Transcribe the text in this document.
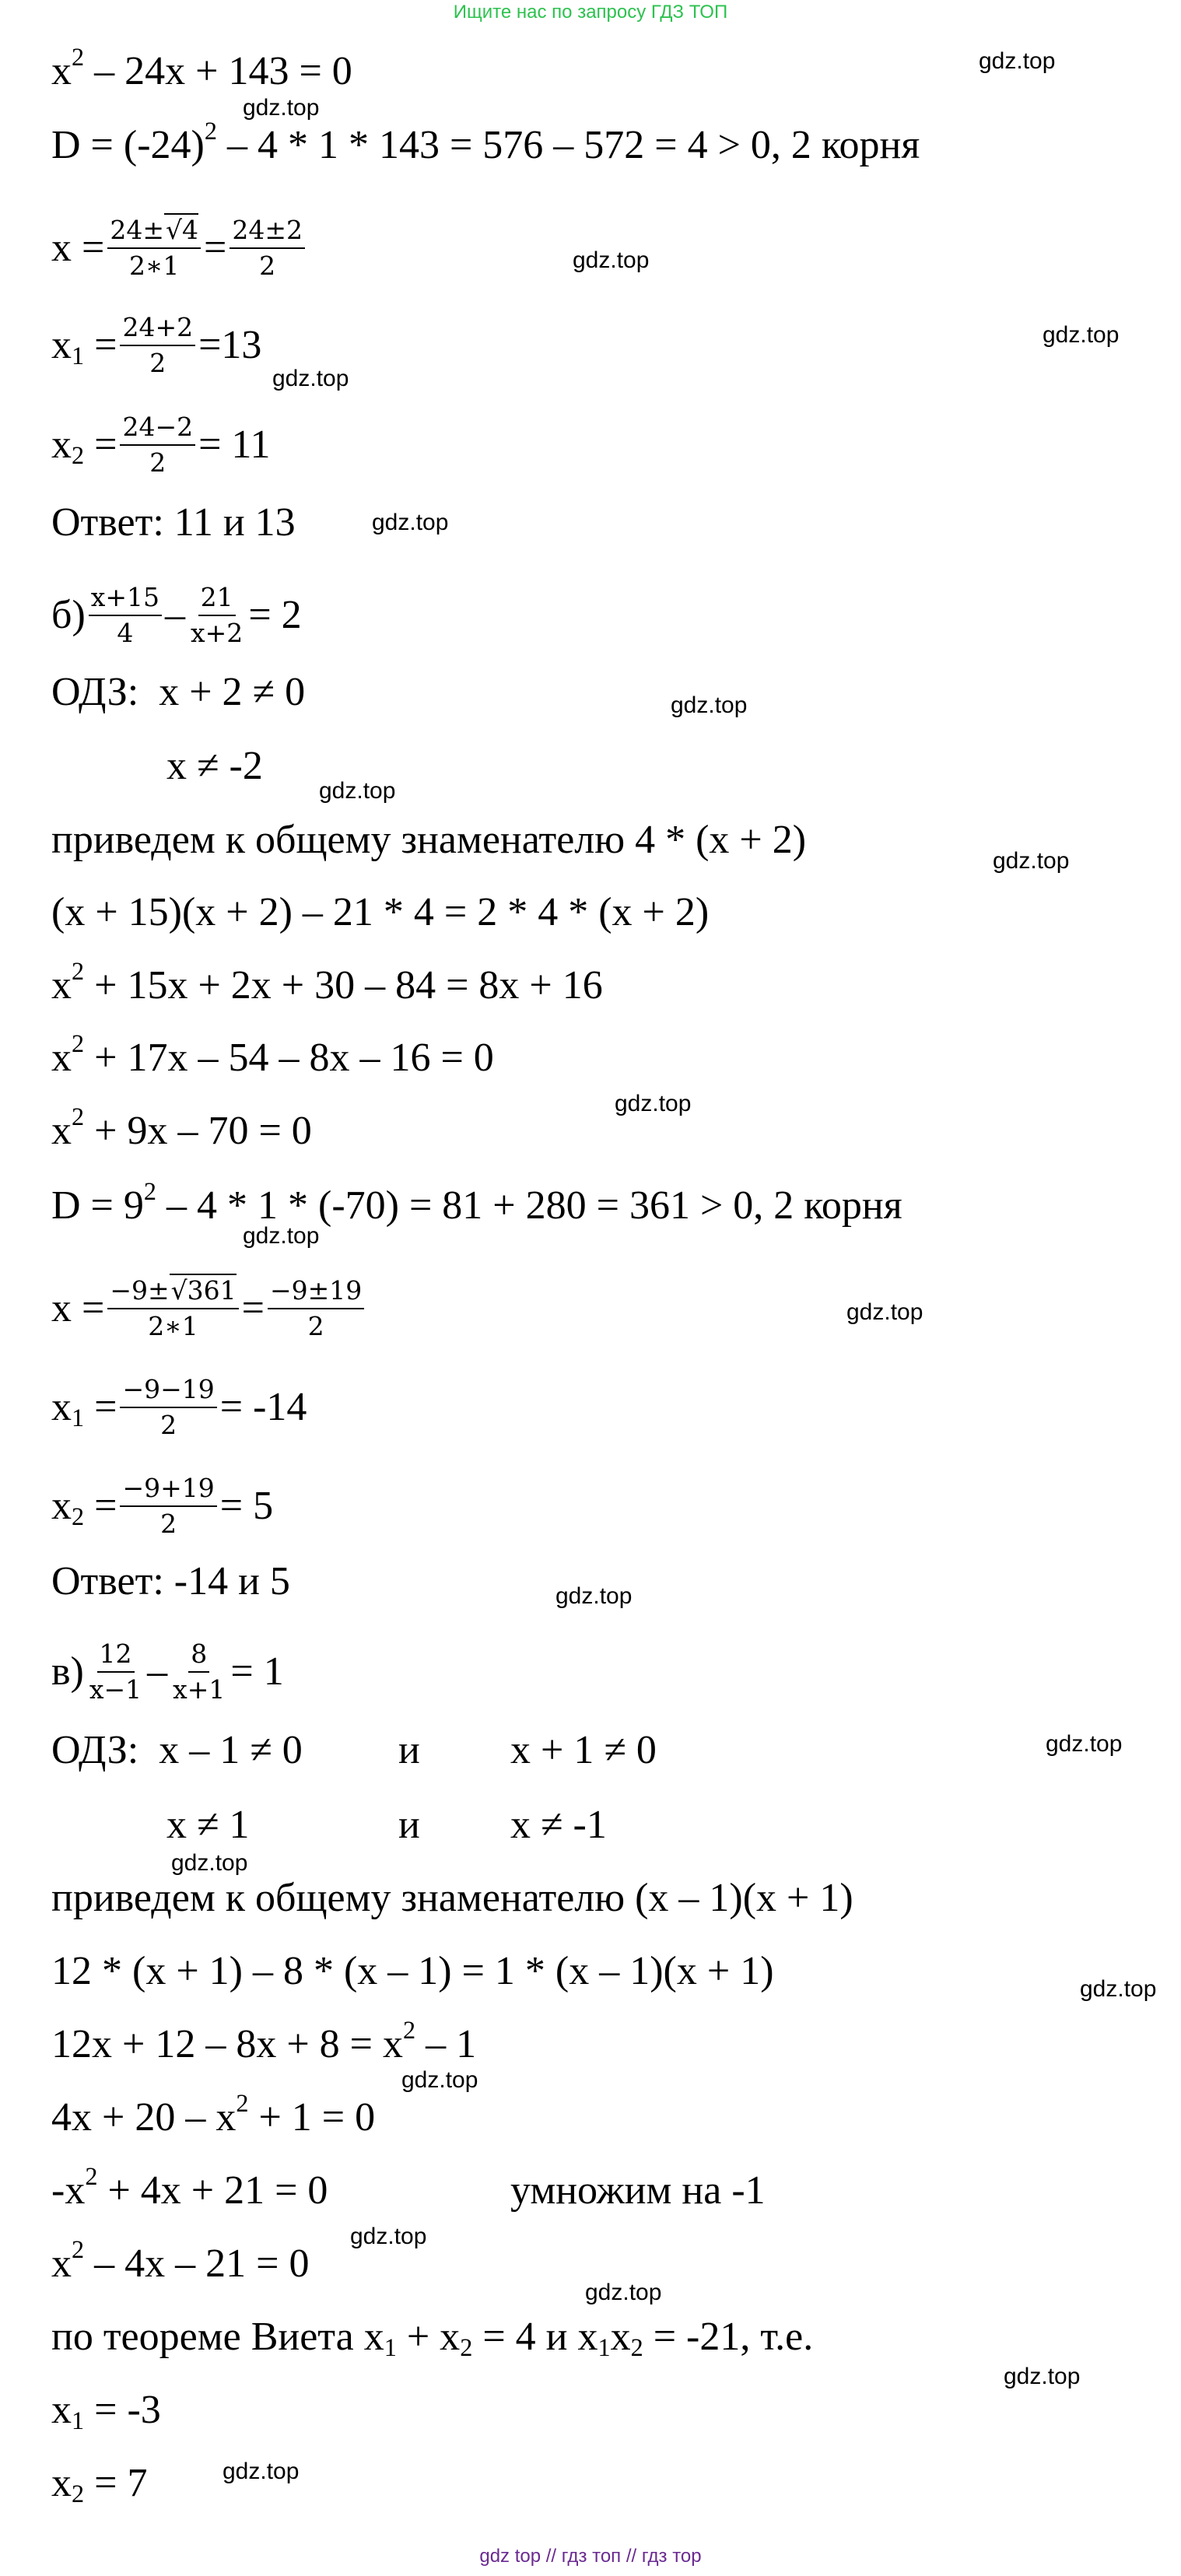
Ищите нас по запросу ГДЗ ТОП
$x^2 - 24x + 143 = 0$
$D = (-24)^2 - 4 * 1 * 143 = 576 - 572 = 4 > 0$, 2 корня
$x = \frac{24\pm√4}{2∗1} = \frac{24\pm 2}{2}$
$x_1 = \frac{24+2}{2} =13$
$x_2 = \frac{24-2}{2} = 11$
Ответ: 11 и 13
$б) \frac{x+15}{4} - \frac{21}{x+2} = 2$
ОДЗ: x + 2 ≠ 0
x ≠ -2
приведем к общему знаменателю 4 * (x + 2)
(x + 15)(x + 2) – 21 * 4 = 2 * 4 * (x + 2)
$x^2 + 15x + 2x + 30 - 84 = 8x + 16$
$x^2 + 17x - 54 - 8x - 16 = 0$
$x^2 + 9x - 70 = 0$
$D = 9^2 - 4 * 1 * (-70) = 81 + 280 = 361 > 0$, 2 корня
$x = \frac{-9\pm√361}{2∗1} = \frac{-9\pm 19}{2}$
$x_1 = \frac{-9-19}{2} = -14$
$x_2 = \frac{-9+19}{2} = 5$
Ответ: -14 и 5
$в) \frac{12}{x-1} - \frac{8}{x+1} = 1$
ОДЗ: x – 1 ≠ 0 и x + 1 ≠ 0
x ≠ 1	и x ≠ -1
приведем к общему знаменателю (x – 1)(x + 1)
12 * (x + 1) – 8 * (x – 1) = 1 * (x – 1)(x + 1)
$12x + 12 - 8x + 8 = x^2 - 1$
$4x + 20 - x^2 + 1 = 0$
$-x^2 + 4x + 21 = 0$	умножим на -1
$x^2 - 4x - 21 = 0$
по теореме Виета $x_1 + x_2 = 4$ и $x_1x_2 = -21$, т.е.
$x_1 = -3$
$x_2 = 7$
gdz.top
gdz.top
gdz.top
gdz.top
gdz.top
gdz.top
gdz.top
gdz.top
gdz.top
gdz.top
gdz.top
gdz.top
gdz.top
gdz.top
gdz.top
gdz.top
gdz.top
gdz.top
gdz.top
gdz.top
gdz.top
gdz top // гдз топ // гдз тор
